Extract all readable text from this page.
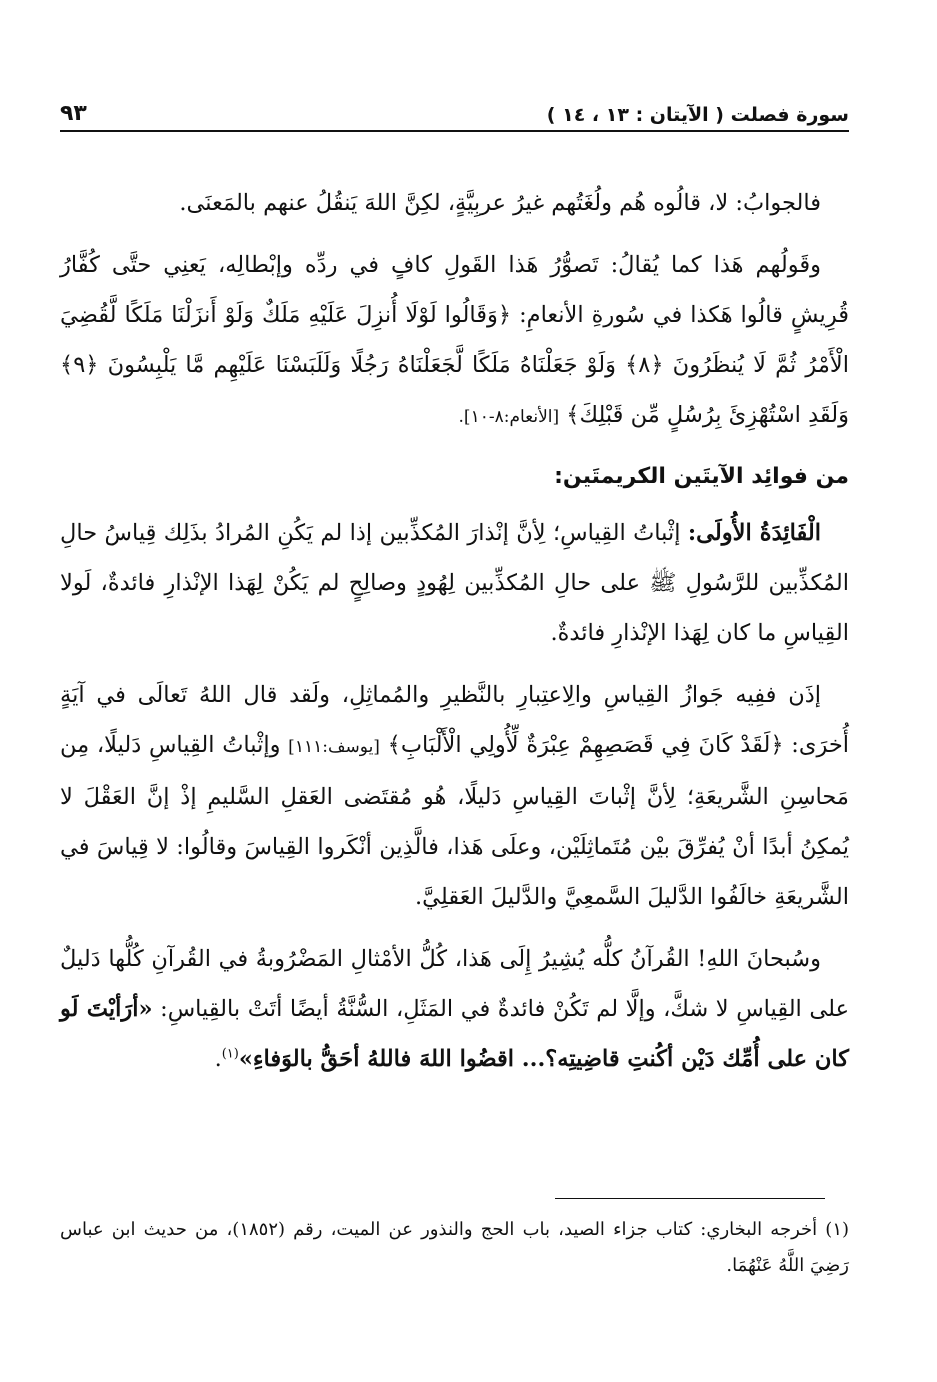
سورة فصلت ( الآيتان : ١٣ ، ١٤ )
٩٣

فالجوابُ: لا، قالُوه هُم ولُغَتُهم غيرُ عربِيَّةٍ، لكِنَّ اللهَ يَنقُلُ عنهم بالمَعنَى.

وقَولُهم هَذا كما يُقالُ: تَصوُّرُ هَذا القَولِ كافٍ في ردِّه وإبْطالِه، يَعنِي حتَّى كُفَّارُ قُرِيشٍ قالُوا هَكذا في سُورةِ الأنعامِ: ﴿وَقَالُوا لَوْلَا أُنزِلَ عَلَيْهِ مَلَكٌ وَلَوْ أَنزَلْنَا مَلَكًا لَّقُضِيَ الْأَمْرُ ثُمَّ لَا يُنظَرُونَ ﴿٨﴾ وَلَوْ جَعَلْنَاهُ مَلَكًا لَّجَعَلْنَاهُ رَجُلًا وَلَلَبَسْنَا عَلَيْهِم مَّا يَلْبِسُونَ ﴿٩﴾ وَلَقَدِ اسْتُهْزِئَ بِرُسُلٍ مِّن قَبْلِكَ﴾ [الأنعام:٨-١٠].

من فوائِد الآيتَين الكريمتَين:

الْفَائِدَةُ الأُولَى: إثْباتُ القِياسِ؛ لِأنَّ إنْذارَ المُكذِّبين إذا لم يَكُنِ المُرادُ بذَلِك قِياسُ حالِ المُكذِّبين للرَّسُولِ ﷺ على حالِ المُكذِّبين لِهُودٍ وصالِحٍ لم يَكُنْ لِهَذا الإنْذارِ فائدةٌ، لَولا القِياسِ ما كان لِهَذا الإنْذارِ فائدةٌ.

إذَن ففِيه جَوازُ القِياسِ والِاعتِبارِ بالنَّظيرِ والمُماثِلِ، ولَقد قال اللهُ تَعالَى في آيَةٍ أُخرَى: ﴿لَقَدْ كَانَ فِي قَصَصِهِمْ عِبْرَةٌ لِّأُولِي الْأَلْبَابِ﴾ [يوسف:١١١] وإثْباتُ القِياسِ دَليلًا، مِن مَحاسِنِ الشَّريعَةِ؛ لِأنَّ إثْباتَ القِياسِ دَليلًا، هُو مُقتَضى العَقلِ السَّليمِ إذْ إنَّ العَقْلَ لا يُمكِنُ أبدًا أنْ يُفرِّقَ بيْن مُتَماثِلَيْن، وعلَى هَذا، فالَّذِين أنْكَروا القِياسَ وقالُوا: لا قِياسَ في الشَّريعَةِ خالَفُوا الدَّليلَ السَّمعِيَّ والدَّليلَ العَقلِيَّ.

وسُبحانَ اللهِ! القُرآنُ كلُّه يُشِيرُ إِلَى هَذا، كُلُّ الأمْثالِ المَضْرُوبةُ في القُرآنِ كُلُّها دَليلٌ على القِياسِ لا شكَّ، وإلَّا لم تَكُنْ فائدةٌ في المَثَلِ، السُّنَّةُ أيضًا أتَتْ بالقِياسِ: «أرَأيْتَ لَو كان على أُمِّك دَيْن أكُنتِ قاضِيتِه؟... اقضُوا اللهَ فاللهُ أحَقُّ بالوَفاءِ»$^{(١)}$.

(١) أخرجه البخاري: كتاب جزاء الصيد، باب الحج والنذور عن الميت، رقم (١٨٥٢)، من حديث ابن عباس رَضِيَ اللَّهُ عَنْهُمَا.
